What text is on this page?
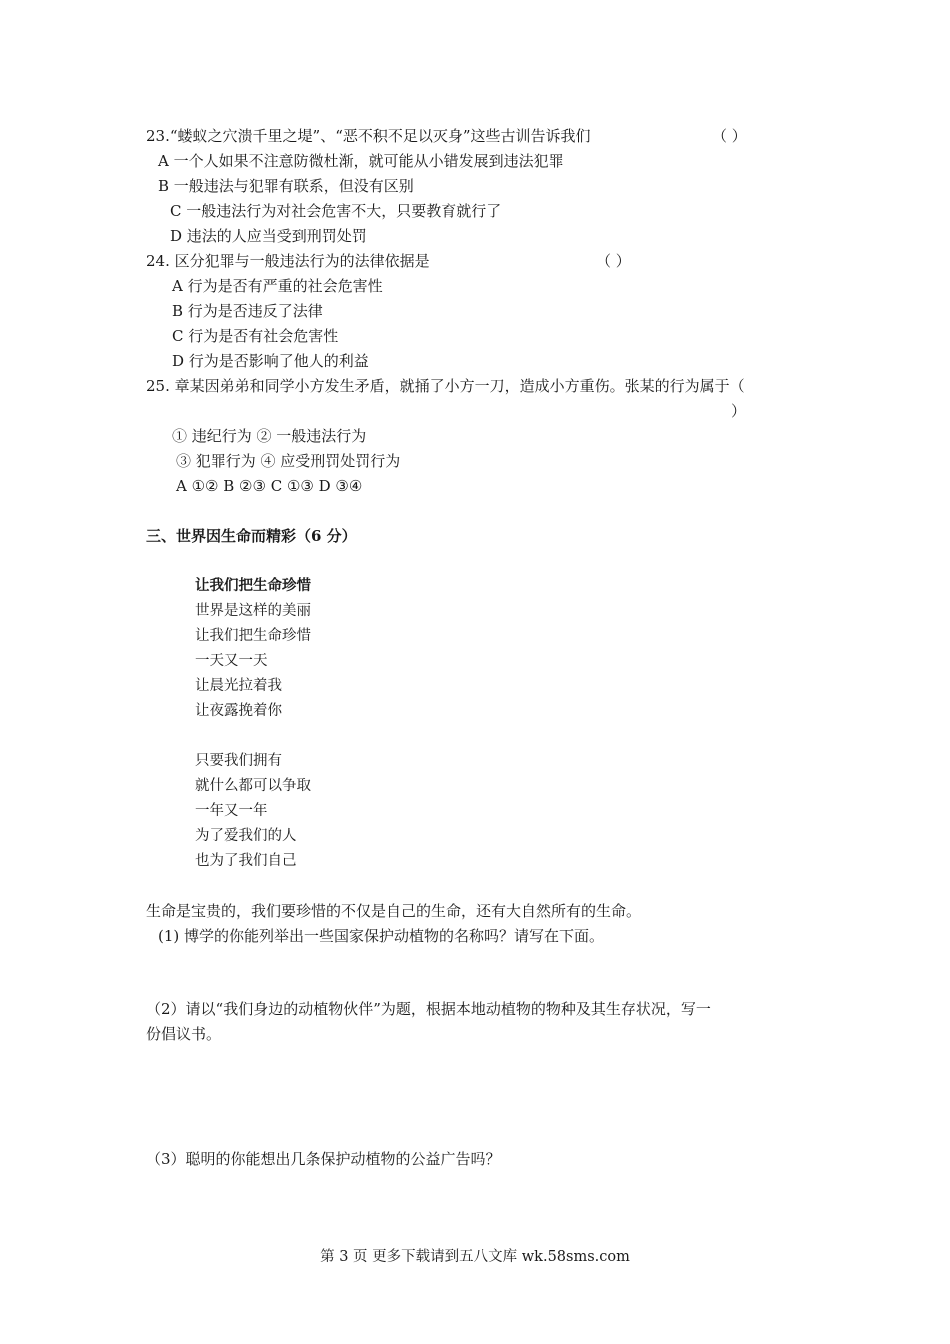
23.“蝼蚁之穴溃千里之堤”、“恶不积不足以灭身”这些古训告诉我们	（ ）
A 一个人如果不注意防微杜渐，就可能从小错发展到违法犯罪
B 一般违法与犯罪有联系，但没有区别
C 一般违法行为对社会危害不大，只要教育就行了
D 违法的人应当受到刑罚处罚
24. 区分犯罪与一般违法行为的法律依据是	（ ）
A 行为是否有严重的社会危害性
B 行为是否违反了法律
C 行为是否有社会危害性
D 行为是否影响了他人的利益
25. 章某因弟弟和同学小方发生矛盾，就捅了小方一刀，造成小方重伤。张某的行为属于（
）
① 违纪行为 ② 一般违法行为
③ 犯罪行为 ④ 应受刑罚处罚行为
A ①② B ②③ C ①③ D ③④
三、世界因生命而精彩（6 分）
让我们把生命珍惜
世界是这样的美丽
让我们把生命珍惜
一天又一天
让晨光拉着我
让夜露挽着你
只要我们拥有
就什么都可以争取
一年又一年
为了爱我们的人
也为了我们自己
生命是宝贵的，我们要珍惜的不仅是自己的生命，还有大自然所有的生命。
(1) 博学的你能列举出一些国家保护动植物的名称吗？请写在下面。
（2）请以“我们身边的动植物伙伴”为题，根据本地动植物的物种及其生存状况，写一
份倡议书。
（3）聪明的你能想出几条保护动植物的公益广告吗？
第 3 页 更多下载请到五八文库 wk.58sms.com
